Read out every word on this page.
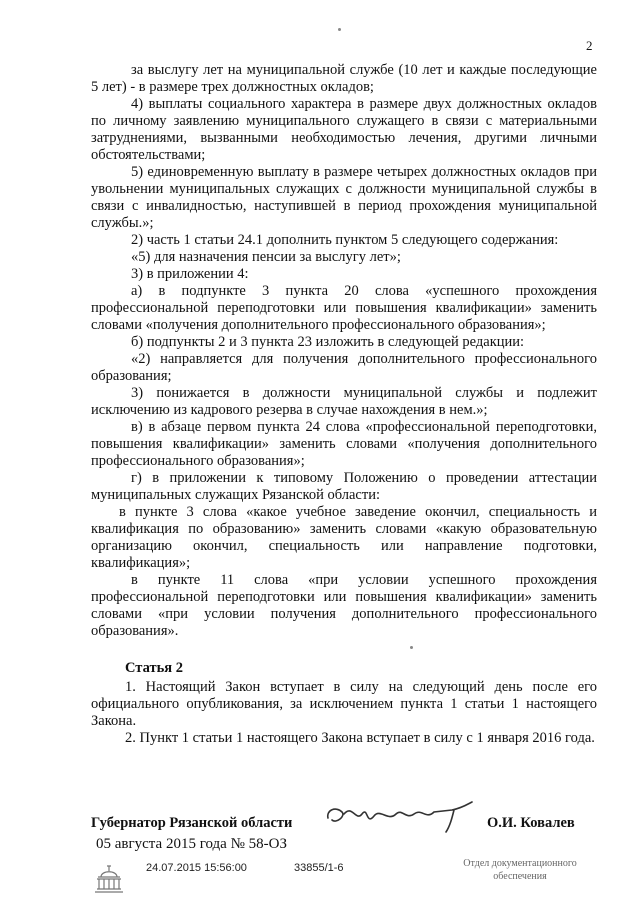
2

за выслугу лет на муниципальной службе (10 лет и каждые последующие 5 лет) - в размере трех должностных окладов;

4) выплаты социального характера в размере двух должностных окладов по личному заявлению муниципального служащего в связи с материальными затруднениями, вызванными необходимостью лечения, другими личными обстоятельствами;

5) единовременную выплату в размере четырех должностных окладов при увольнении муниципальных служащих с должности муниципальной службы в связи с инвалидностью, наступившей в период прохождения муниципальной службы.»;

2) часть 1 статьи 24.1 дополнить пунктом 5 следующего содержания:

«5) для назначения пенсии за выслугу лет»;

3) в приложении 4:

а) в подпункте 3 пункта 20 слова «успешного прохождения профессиональной переподготовки или повышения квалификации» заменить словами «получения дополнительного профессионального образования»;

б) подпункты 2 и 3 пункта 23 изложить в следующей редакции:

«2) направляется для получения дополнительного профессионального образования;

3) понижается в должности муниципальной службы и подлежит исключению из кадрового резерва в случае нахождения в нем.»;

в) в абзаце первом пункта 24 слова «профессиональной переподготовки, повышения квалификации» заменить словами «получения дополнительного профессионального образования»;

г) в приложении к типовому Положению о проведении аттестации муниципальных служащих Рязанской области:

в пункте 3 слова «какое учебное заведение окончил, специальность и квалификация по образованию» заменить словами «какую образовательную организацию окончил, специальность или направление подготовки, квалификация»;

в пункте 11 слова «при условии успешного прохождения профессиональной переподготовки или повышения квалификации» заменить словами «при условии получения дополнительного профессионального образования».

Статья 2

1. Настоящий Закон вступает в силу на следующий день после его официального опубликования, за исключением пункта 1 статьи 1 настоящего Закона.

2. Пункт 1 статьи 1 настоящего Закона вступает в силу с 1 января 2016 года.

Губернатор Рязанской области	О.И. Ковалев
05 августа 2015 года № 58-ОЗ
24.07.2015 15:56:00	33855/1-6	Отдел документационного
обеспечения
